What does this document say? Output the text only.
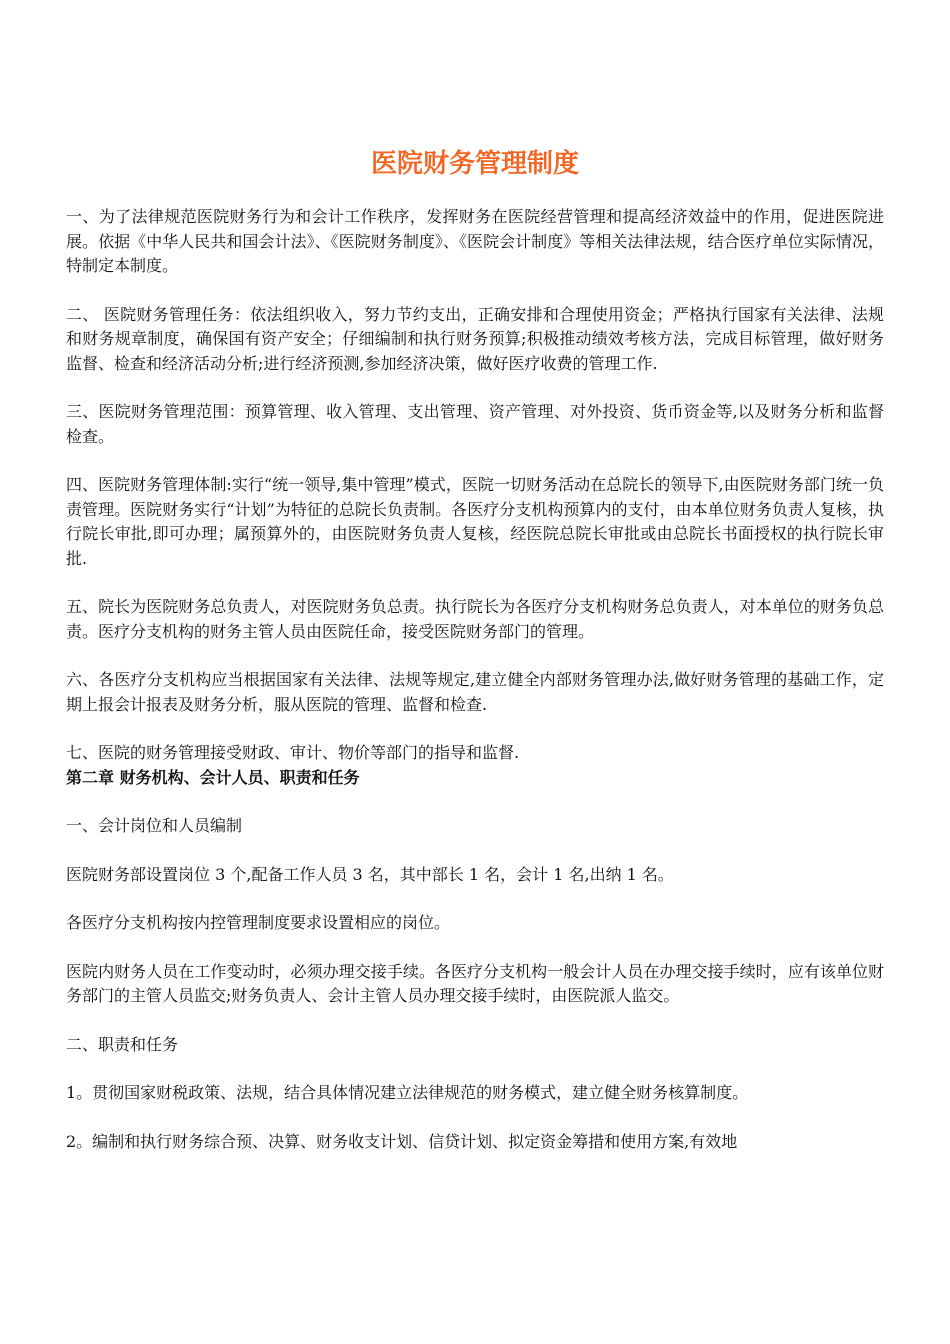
医院财务管理制度

一、为了法律规范医院财务行为和会计工作秩序，发挥财务在医院经营管理和提高经济效益中的作用，促进医院进展。依据《中华人民共和国会计法》、《医院财务制度》、《医院会计制度》等相关法律法规，结合医疗单位实际情况，特制定本制度。

二、 医院财务管理任务：依法组织收入，努力节约支出，正确安排和合理使用资金；严格执行国家有关法律、法规和财务规章制度，确保国有资产安全；仔细编制和执行财务预算;积极推动绩效考核方法，完成目标管理，做好财务监督、检查和经济活动分析;进行经济预测,参加经济决策，做好医疗收费的管理工作.

三、医院财务管理范围：预算管理、收入管理、支出管理、资产管理、对外投资、货币资金等,以及财务分析和监督检查。

四、医院财务管理体制:实行“统一领导,集中管理”模式，医院一切财务活动在总院长的领导下,由医院财务部门统一负责管理。医院财务实行“计划”为特征的总院长负责制。各医疗分支机构预算内的支付，由本单位财务负责人复核，执行院长审批,即可办理；属预算外的，由医院财务负责人复核，经医院总院长审批或由总院长书面授权的执行院长审批.

五、院长为医院财务总负责人，对医院财务负总责。执行院长为各医疗分支机构财务总负责人，对本单位的财务负总责。医疗分支机构的财务主管人员由医院任命，接受医院财务部门的管理。

六、各医疗分支机构应当根据国家有关法律、法规等规定,建立健全内部财务管理办法,做好财务管理的基础工作，定期上报会计报表及财务分析，服从医院的管理、监督和检查.

七、医院的财务管理接受财政、审计、物价等部门的指导和监督.

第二章 财务机构、会计人员、职责和任务

一、会计岗位和人员编制

医院财务部设置岗位 3 个,配备工作人员 3 名，其中部长 1 名，会计 1 名,出纳 1 名。

各医疗分支机构按内控管理制度要求设置相应的岗位。

医院内财务人员在工作变动时，必须办理交接手续。各医疗分支机构一般会计人员在办理交接手续时，应有该单位财务部门的主管人员监交;财务负责人、会计主管人员办理交接手续时，由医院派人监交。

二、职责和任务

1。贯彻国家财税政策、法规，结合具体情况建立法律规范的财务模式，建立健全财务核算制度。

2。编制和执行财务综合预、决算、财务收支计划、信贷计划、拟定资金筹措和使用方案,有效地
